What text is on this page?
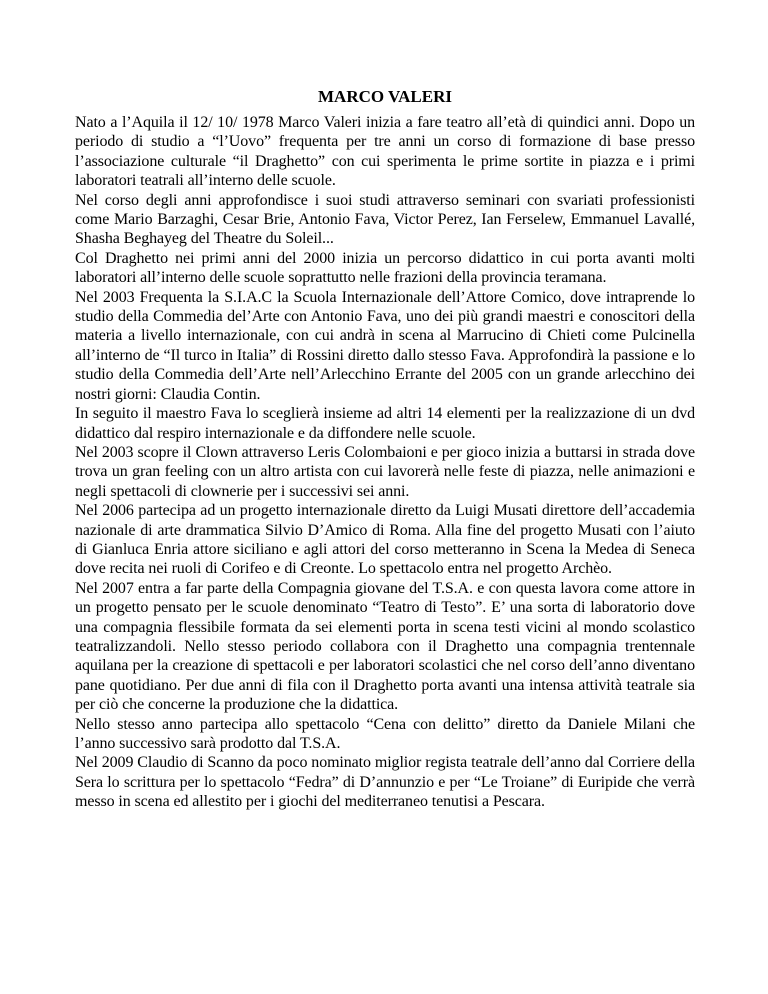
MARCO VALERI

Nato a l’Aquila il 12/ 10/ 1978 Marco Valeri inizia a fare teatro all’età di quindici anni. Dopo un periodo di studio a “l’Uovo” frequenta per tre anni un corso di formazione di base presso l’associazione culturale “il Draghetto” con cui sperimenta le prime sortite in piazza e i primi laboratori teatrali all’interno delle scuole.

Nel corso degli anni approfondisce i suoi studi attraverso seminari con svariati professionisti come Mario Barzaghi, Cesar Brie, Antonio Fava, Victor Perez, Ian Ferselew, Emmanuel Lavallé, Shasha Beghayeg del Theatre du Soleil...

Col Draghetto nei primi anni del 2000 inizia un percorso didattico in cui porta avanti molti laboratori all’interno delle scuole soprattutto nelle frazioni della provincia teramana.

Nel 2003 Frequenta la S.I.A.C la Scuola Internazionale dell’Attore Comico, dove intraprende lo studio della Commedia del’Arte con Antonio Fava, uno dei più grandi maestri e conoscitori della materia a livello internazionale, con cui andrà in scena al Marrucino di Chieti come Pulcinella all’interno de “Il turco in Italia” di Rossini diretto dallo stesso Fava. Approfondirà la passione e lo studio della Commedia dell’Arte nell’Arlecchino Errante del 2005 con un grande arlecchino dei nostri giorni: Claudia Contin.

In seguito il maestro Fava lo sceglierà insieme ad altri 14 elementi per la realizzazione di un dvd didattico dal respiro internazionale e da diffondere nelle scuole.

Nel 2003 scopre il Clown attraverso Leris Colombaioni e per gioco inizia a buttarsi in strada dove trova un gran feeling con un altro artista con cui lavorerà nelle feste di piazza, nelle animazioni e negli spettacoli di clownerie per i successivi sei anni.

Nel 2006 partecipa ad un progetto internazionale diretto da Luigi Musati direttore dell’accademia nazionale di arte drammatica Silvio D’Amico di Roma. Alla fine del progetto Musati con l’aiuto di Gianluca Enria attore siciliano e agli attori del corso metteranno in Scena la Medea di Seneca dove recita nei ruoli di Corifeo e di Creonte. Lo spettacolo entra nel progetto Archèo.

Nel 2007 entra a far parte della Compagnia giovane del T.S.A. e con questa lavora come attore in un progetto pensato per le scuole denominato “Teatro di Testo”. E’ una sorta di laboratorio dove una compagnia flessibile formata da sei elementi porta in scena testi vicini al mondo scolastico teatralizzandoli. Nello stesso periodo collabora con il Draghetto una compagnia trentennale aquilana per la creazione di spettacoli e per laboratori scolastici che nel corso dell’anno diventano pane quotidiano. Per due anni di fila con il Draghetto porta avanti una intensa attività teatrale sia per ciò che concerne la produzione che la didattica.

Nello stesso anno partecipa allo spettacolo “Cena con delitto” diretto da Daniele Milani che l’anno successivo sarà prodotto dal T.S.A.

Nel 2009 Claudio di Scanno da poco nominato miglior regista teatrale dell’anno dal Corriere della Sera lo scrittura per lo spettacolo “Fedra” di D’annunzio e per “Le Troiane” di Euripide che verrà messo in scena ed allestito per i giochi del mediterraneo tenutisi a Pescara.
